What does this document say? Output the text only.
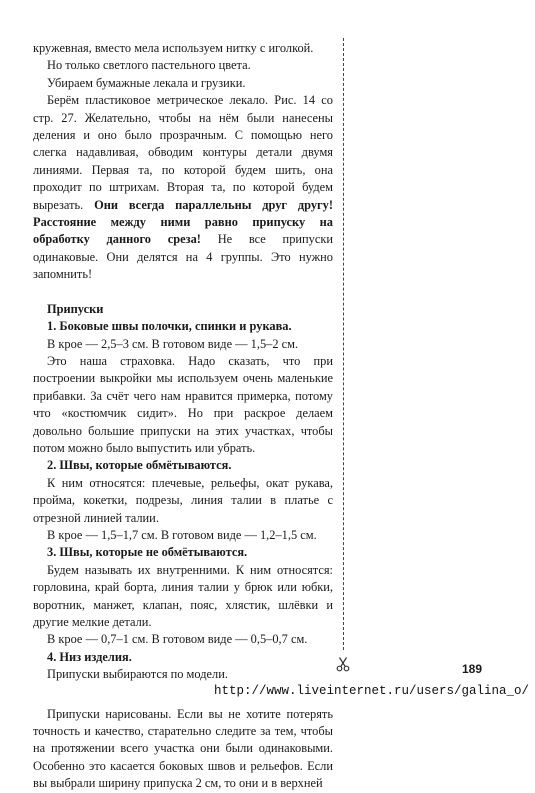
кружевная, вместо мела используем нитку с иголкой.

Но только светлого пастельного цвета.

Убираем бумажные лекала и грузики.

Берём пластиковое метрическое лекало. Рис. 14 со стр. 27. Желательно, чтобы на нём были нанесены деления и оно было прозрачным. С помощью него слегка надавливая, обводим контуры детали двумя линиями. Первая та, по которой будем шить, она проходит по штрихам. Вторая та, по которой будем вырезать. Они всегда параллельны друг другу! Расстояние между ними равно припуску на обработку данного среза! Не все припуски одинаковые. Они делятся на 4 группы. Это нужно запомнить!

Припуски

1. Боковые швы полочки, спинки и рукава.

В крое — 2,5–3 см. В готовом виде — 1,5–2 см.

Это наша страховка. Надо сказать, что при построении выкройки мы используем очень маленькие прибавки. За счёт чего нам нравится примерка, потому что «костюмчик сидит». Но при раскрое делаем довольно большие припуски на этих участках, чтобы потом можно было выпустить или убрать.

2. Швы, которые обмётываются.

К ним относятся: плечевые, рельефы, окат рукава, пройма, кокетки, подрезы, линия талии в платье с отрезной линией талии.

В крое — 1,5–1,7 см. В готовом виде — 1,2–1,5 см.

3. Швы, которые не обмётываются.

Будем называть их внутренними. К ним относятся: горловина, край борта, линия талии у брюк или юбки, воротник, манжет, клапан, пояс, хлястик, шлёвки и другие мелкие детали.

В крое — 0,7–1 см. В готовом виде — 0,5–0,7 см.

4. Низ изделия.

Припуски выбираются по модели.

Припуски нарисованы. Если вы не хотите потерять точность и качество, старательно следите за тем, чтобы на протяжении всего участка они были одинаковыми. Особенно это касается боковых швов и рельефов. Если вы выбрали ширину припуска 2 см, то они и в верхней

189
http://www.liveinternet.ru/users/galina_o/
